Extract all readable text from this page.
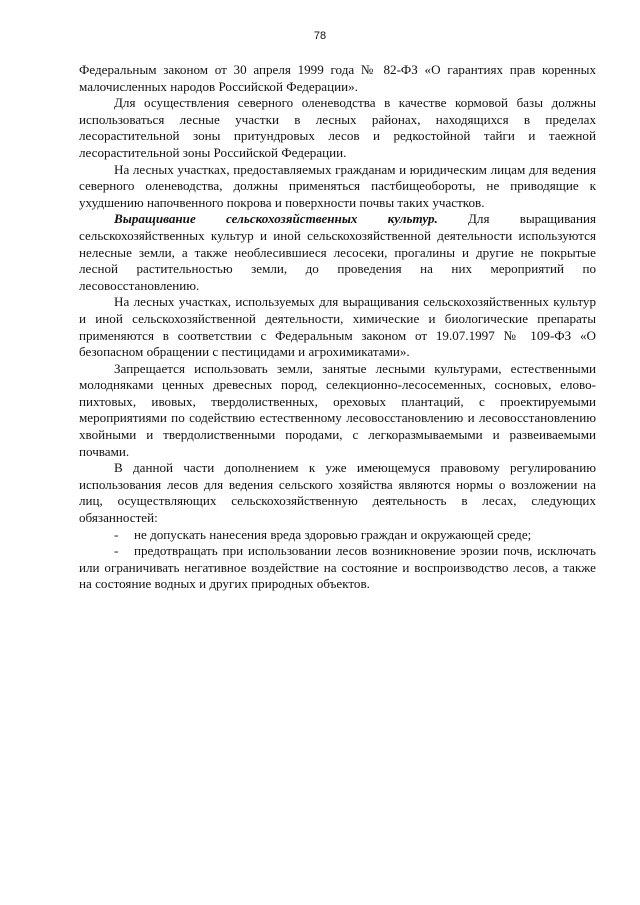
78

Федеральным законом от 30 апреля 1999 года № 82-ФЗ «О гарантиях прав коренных малочисленных народов Российской Федерации».

Для осуществления северного оленеводства в качестве кормовой базы должны использоваться лесные участки в лесных районах, находящихся в пределах лесорастительной зоны притундровых лесов и редкостойной тайги и таежной лесорастительной зоны Российской Федерации.

На лесных участках, предоставляемых гражданам и юридическим лицам для ведения северного оленеводства, должны применяться пастбищеобороты, не приводящие к ухудшению напочвенного покрова и поверхности почвы таких участков.

Выращивание сельскохозяйственных культур. Для выращивания сельскохозяйственных культур и иной сельскохозяйственной деятельности используются нелесные земли, а также необлесившиеся лесосеки, прогалины и другие не покрытые лесной растительностью земли, до проведения на них мероприятий по лесовосстановлению.

На лесных участках, используемых для выращивания сельскохозяйственных культур и иной сельскохозяйственной деятельности, химические и биологические препараты применяются в соответствии с Федеральным законом от 19.07.1997 № 109-ФЗ «О безопасном обращении с пестицидами и агрохимикатами».

Запрещается использовать земли, занятые лесными культурами, естественными молодняками ценных древесных пород, селекционно-лесосеменных, сосновых, елово-пихтовых, ивовых, твердолиственных, ореховых плантаций, с проектируемыми мероприятиями по содействию естественному лесовосстановлению и лесовосстановлению хвойными и твердолиственными породами, с легкоразмываемыми и развеиваемыми почвами.

В данной части дополнением к уже имеющемуся правовому регулированию использования лесов для ведения сельского хозяйства являются нормы о возложении на лиц, осуществляющих сельскохозяйственную деятельность в лесах, следующих обязанностей:

- не допускать нанесения вреда здоровью граждан и окружающей среде;
- предотвращать при использовании лесов возникновение эрозии почв, исключать или ограничивать негативное воздействие на состояние и воспроизводство лесов, а также на состояние водных и других природных объектов.
